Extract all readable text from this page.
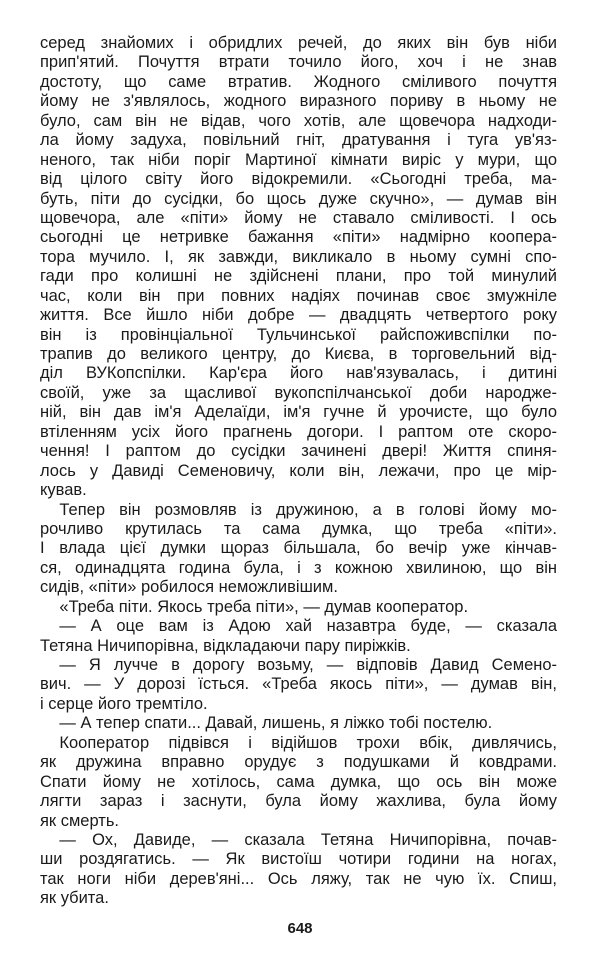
серед знайомих і обридлих речей, до яких він був ніби
прип'ятий. Почуття втрати точило його, хоч і не знав
достоту, що саме втратив. Жодного сміливого почуття
йому не з'являлось, жодного виразного пориву в ньому не
було, сам він не відав, чого хотів, але щовечора надходи-
ла йому задуха, повільний гніт, дратування і туга ув'яз-
неного, так ніби поріг Мартиної кімнати виріс у мури, що
від цілого світу його відокремили. «Сьогодні треба, ма-
буть, піти до сусідки, бо щось дуже скучно», — думав він
щовечора, але «піти» йому не ставало сміливості. І ось
сьогодні це нетривке бажання «піти» надмірно коопера-
тора мучило. І, як завжди, викликало в ньому сумні спо-
гади про колишні не здійснені плани, про той минулий
час, коли він при повних надіях починав своє змужніле
життя. Все йшло ніби добре — двадцять четвертого року
він із провінціальної Тульчинської райспоживспілки по-
трапив до великого центру, до Києва, в торговельний від-
діл ВУКопспілки. Кар'єра його нав'язувалась, і дитині
своїй, уже за щасливої вукопспілчанської доби народже-
ній, він дав ім'я Аделаїди, ім'я гучне й урочисте, що було
втіленням усіх його прагнень догори. І раптом оте скоро-
чення! І раптом до сусідки зачинені двері! Життя спиня-
лось у Давиді Семеновичу, коли він, лежачи, про це мір-
кував.
Тепер він розмовляв із дружиною, а в голові йому мо-
рочливо крутилась та сама думка, що треба «піти».
І влада цієї думки щораз більшала, бо вечір уже кінчав-
ся, одинадцята година була, і з кожною хвилиною, що він
сидів, «піти» робилося неможливішим.
«Треба піти. Якось треба піти», — думав кооператор.
— А оце вам із Адою хай назавтра буде, — сказала
Тетяна Ничипорівна, відкладаючи пару пиріжків.
— Я лучче в дорогу возьму, — відповів Давид Семено-
вич. — У дорозі їсться. «Треба якось піти», — думав він,
і серце його тремтіло.
— А тепер спати... Давай, лишень, я ліжко тобі постелю.
Кооператор підвівся і відійшов трохи вбік, дивлячись,
як дружина вправно орудує з подушками й ковдрами.
Спати йому не хотілось, сама думка, що ось він може
лягти зараз і заснути, була йому жахлива, була йому
як смерть.
— Ох, Давиде, — сказала Тетяна Ничипорівна, почав-
ши роздягатись. — Як вистоїш чотири години на ногах,
так ноги ніби дерев'яні... Ось ляжу, так не чую їх. Спиш,
як убита.
648
